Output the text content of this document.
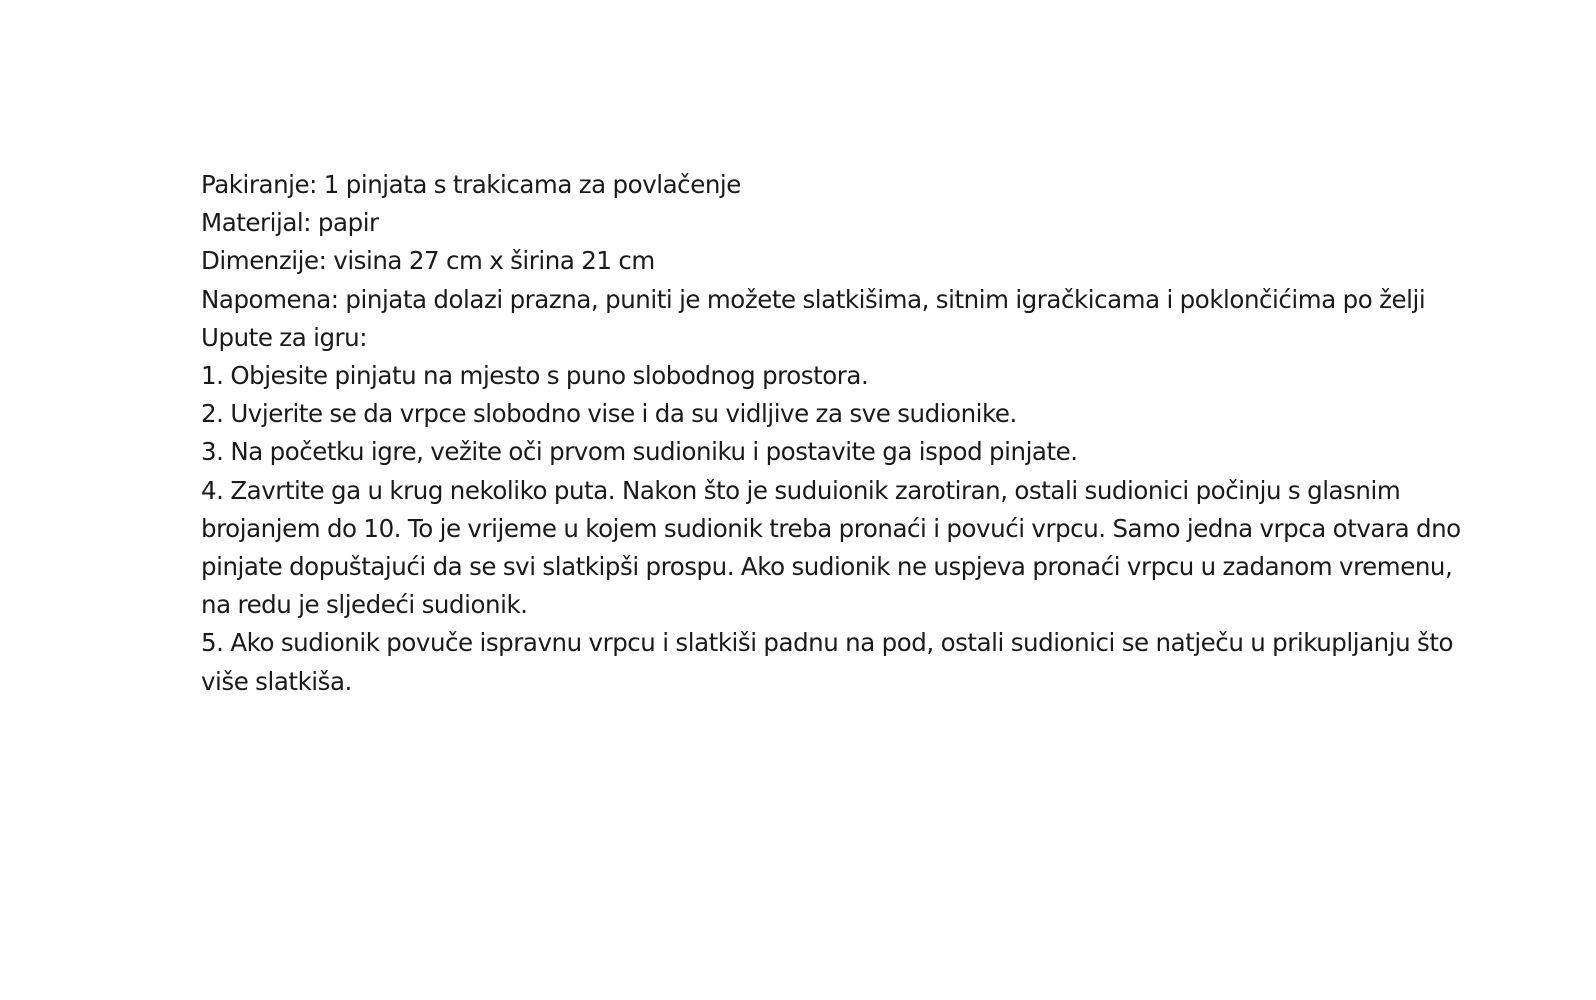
Pakiranje: 1 pinjata s trakicama za povlačenje

Materijal: papir

Dimenzije: visina 27 cm x širina 21 cm

Napomena: pinjata dolazi prazna, puniti je možete slatkišima, sitnim igračkicama i poklončićima po želji

Upute za igru:

1. Objesite pinjatu na mjesto s puno slobodnog prostora.

2. Uvjerite se da vrpce slobodno vise i da su vidljive za sve sudionike.

3. Na početku igre, vežite oči prvom sudioniku i postavite ga ispod pinjate.

4. Zavrtite ga u krug nekoliko puta. Nakon što je suduionik zarotiran, ostali sudionici počinju s glasnim brojanjem do 10. To je vrijeme u kojem sudionik treba pronaći i povući vrpcu. Samo jedna vrpca otvara dno pinjate dopuštajući da se svi slatkipši prospu. Ako sudionik ne uspjeva pronaći vrpcu u zadanom vremenu, na redu je sljedeći sudionik.

5. Ako sudionik povuče ispravnu vrpcu i slatkiši padnu na pod, ostali sudionici se natječu u prikupljanju što više slatkiša.
